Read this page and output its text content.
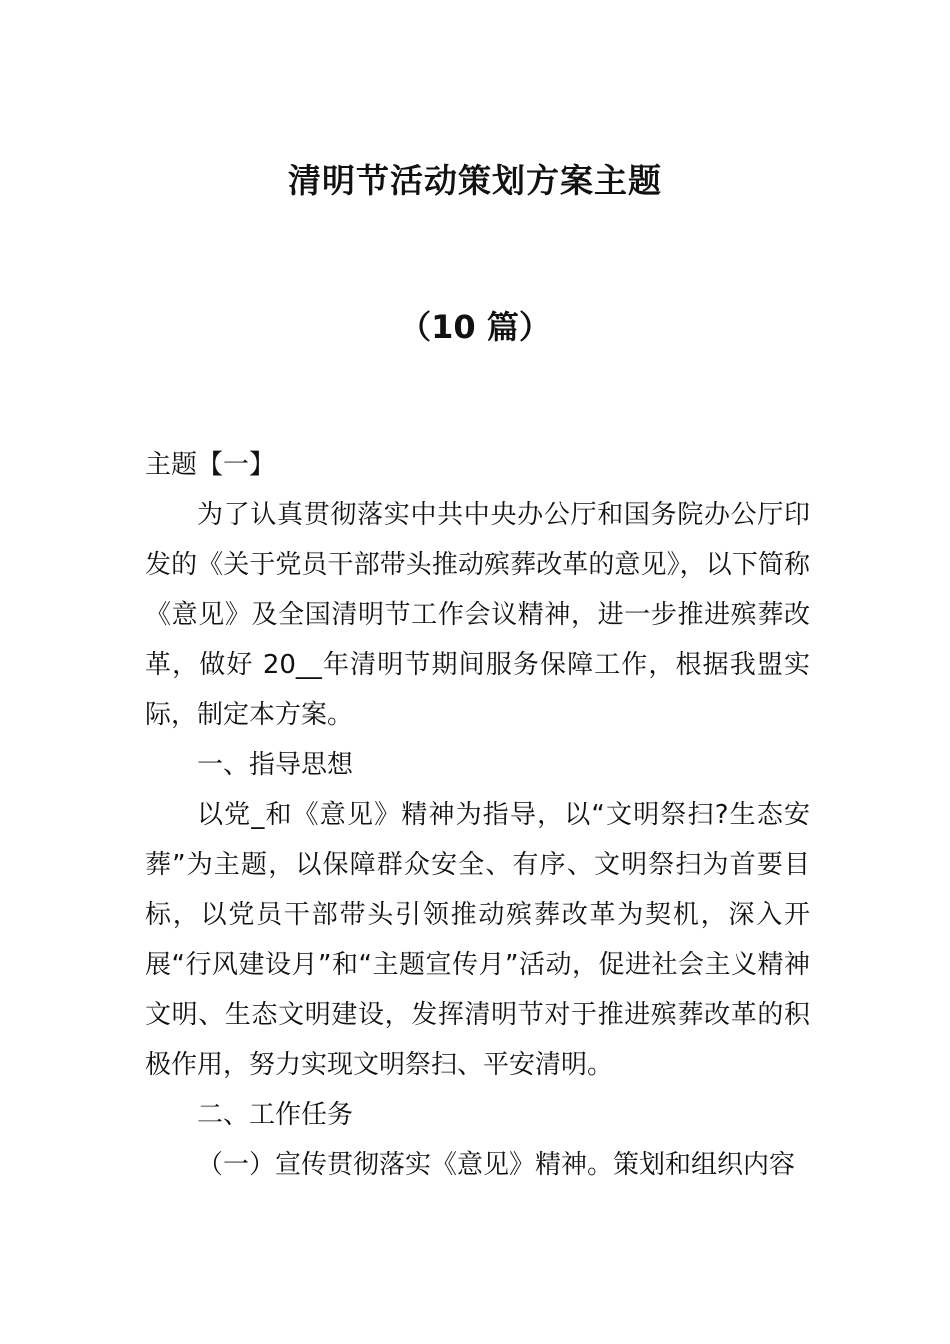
清明节活动策划方案主题
（10 篇）

主题【一】

为了认真贯彻落实中共中央办公厅和国务院办公厅印发的《关于党员干部带头推动殡葬改革的意见》，以下简称《意见》及全国清明节工作会议精神，进一步推进殡葬改革，做好 20__年清明节期间服务保障工作，根据我盟实际，制定本方案。

一、指导思想

以党_和《意见》精神为指导，以“文明祭扫?生态安葬”为主题，以保障群众安全、有序、文明祭扫为首要目标，以党员干部带头引领推动殡葬改革为契机，深入开展“行风建设月”和“主题宣传月”活动，促进社会主义精神文明、生态文明建设，发挥清明节对于推进殡葬改革的积极作用，努力实现文明祭扫、平安清明。

二、工作任务

（一）宣传贯彻落实《意见》精神。策划和组织内容
